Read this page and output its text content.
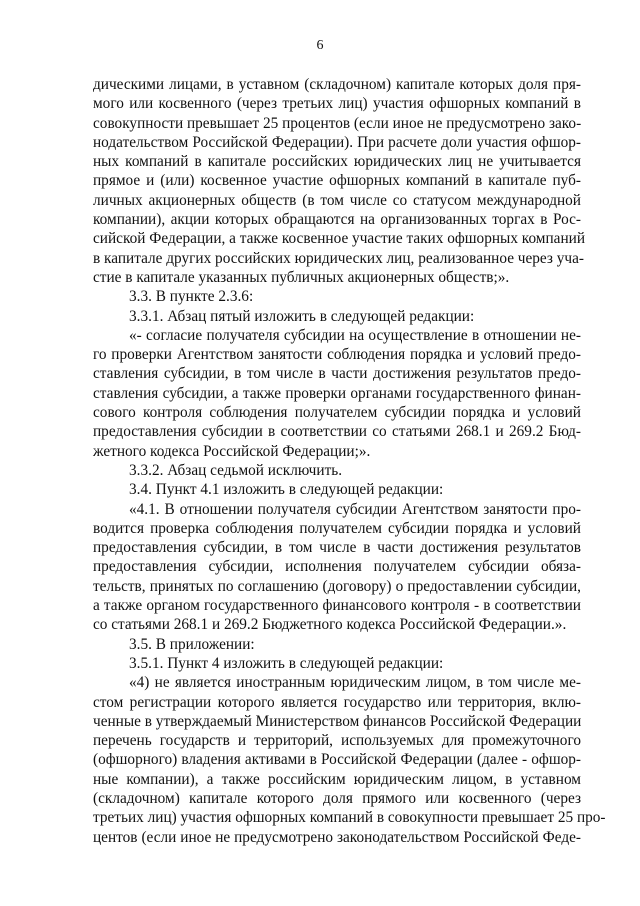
6

дическими лицами, в уставном (складочном) капитале которых доля пря-
мого или косвенного (через третьих лиц) участия офшорных компаний в
совокупности превышает 25 процентов (если иное не предусмотрено зако-
нодательством Российской Федерации). При расчете доли участия офшор-
ных компаний в капитале российских юридических лиц не учитывается
прямое и (или) косвенное участие офшорных компаний в капитале пуб-
личных акционерных обществ (в том числе со статусом международной
компании), акции которых обращаются на организованных торгах в Рос-
сийской Федерации, а также косвенное участие таких офшорных компаний
в капитале других российских юридических лиц, реализованное через уча-
стие в капитале указанных публичных акционерных обществ;».

3.3. В пункте 2.3.6:

3.3.1. Абзац пятый изложить в следующей редакции:

«- согласие получателя субсидии на осуществление в отношении не-
го проверки Агентством занятости соблюдения порядка и условий предо-
ставления субсидии, в том числе в части достижения результатов предо-
ставления субсидии, а также проверки органами государственного финан-
сового контроля соблюдения получателем субсидии порядка и условий
предоставления субсидии в соответствии со статьями 268.1 и 269.2 Бюд-
жетного кодекса Российской Федерации;».

3.3.2. Абзац седьмой исключить.

3.4. Пункт 4.1 изложить в следующей редакции:

«4.1. В отношении получателя субсидии Агентством занятости про-
водится проверка соблюдения получателем субсидии порядка и условий
предоставления субсидии, в том числе в части достижения результатов
предоставления субсидии, исполнения получателем субсидии обяза-
тельств, принятых по соглашению (договору) о предоставлении субсидии,
а также органом государственного финансового контроля - в соответствии
со статьями 268.1 и 269.2 Бюджетного кодекса Российской Федерации.».

3.5. В приложении:

3.5.1. Пункт 4 изложить в следующей редакции:

«4) не является иностранным юридическим лицом, в том числе ме-
стом регистрации которого является государство или территория, вклю-
ченные в утверждаемый Министерством финансов Российской Федерации
перечень государств и территорий, используемых для промежуточного
(офшорного) владения активами в Российской Федерации (далее - офшор-
ные компании), а также российским юридическим лицом, в уставном
(складочном) капитале которого доля прямого или косвенного (через
третьих лиц) участия офшорных компаний в совокупности превышает 25 про-
центов (если иное не предусмотрено законодательством Российской Феде-
